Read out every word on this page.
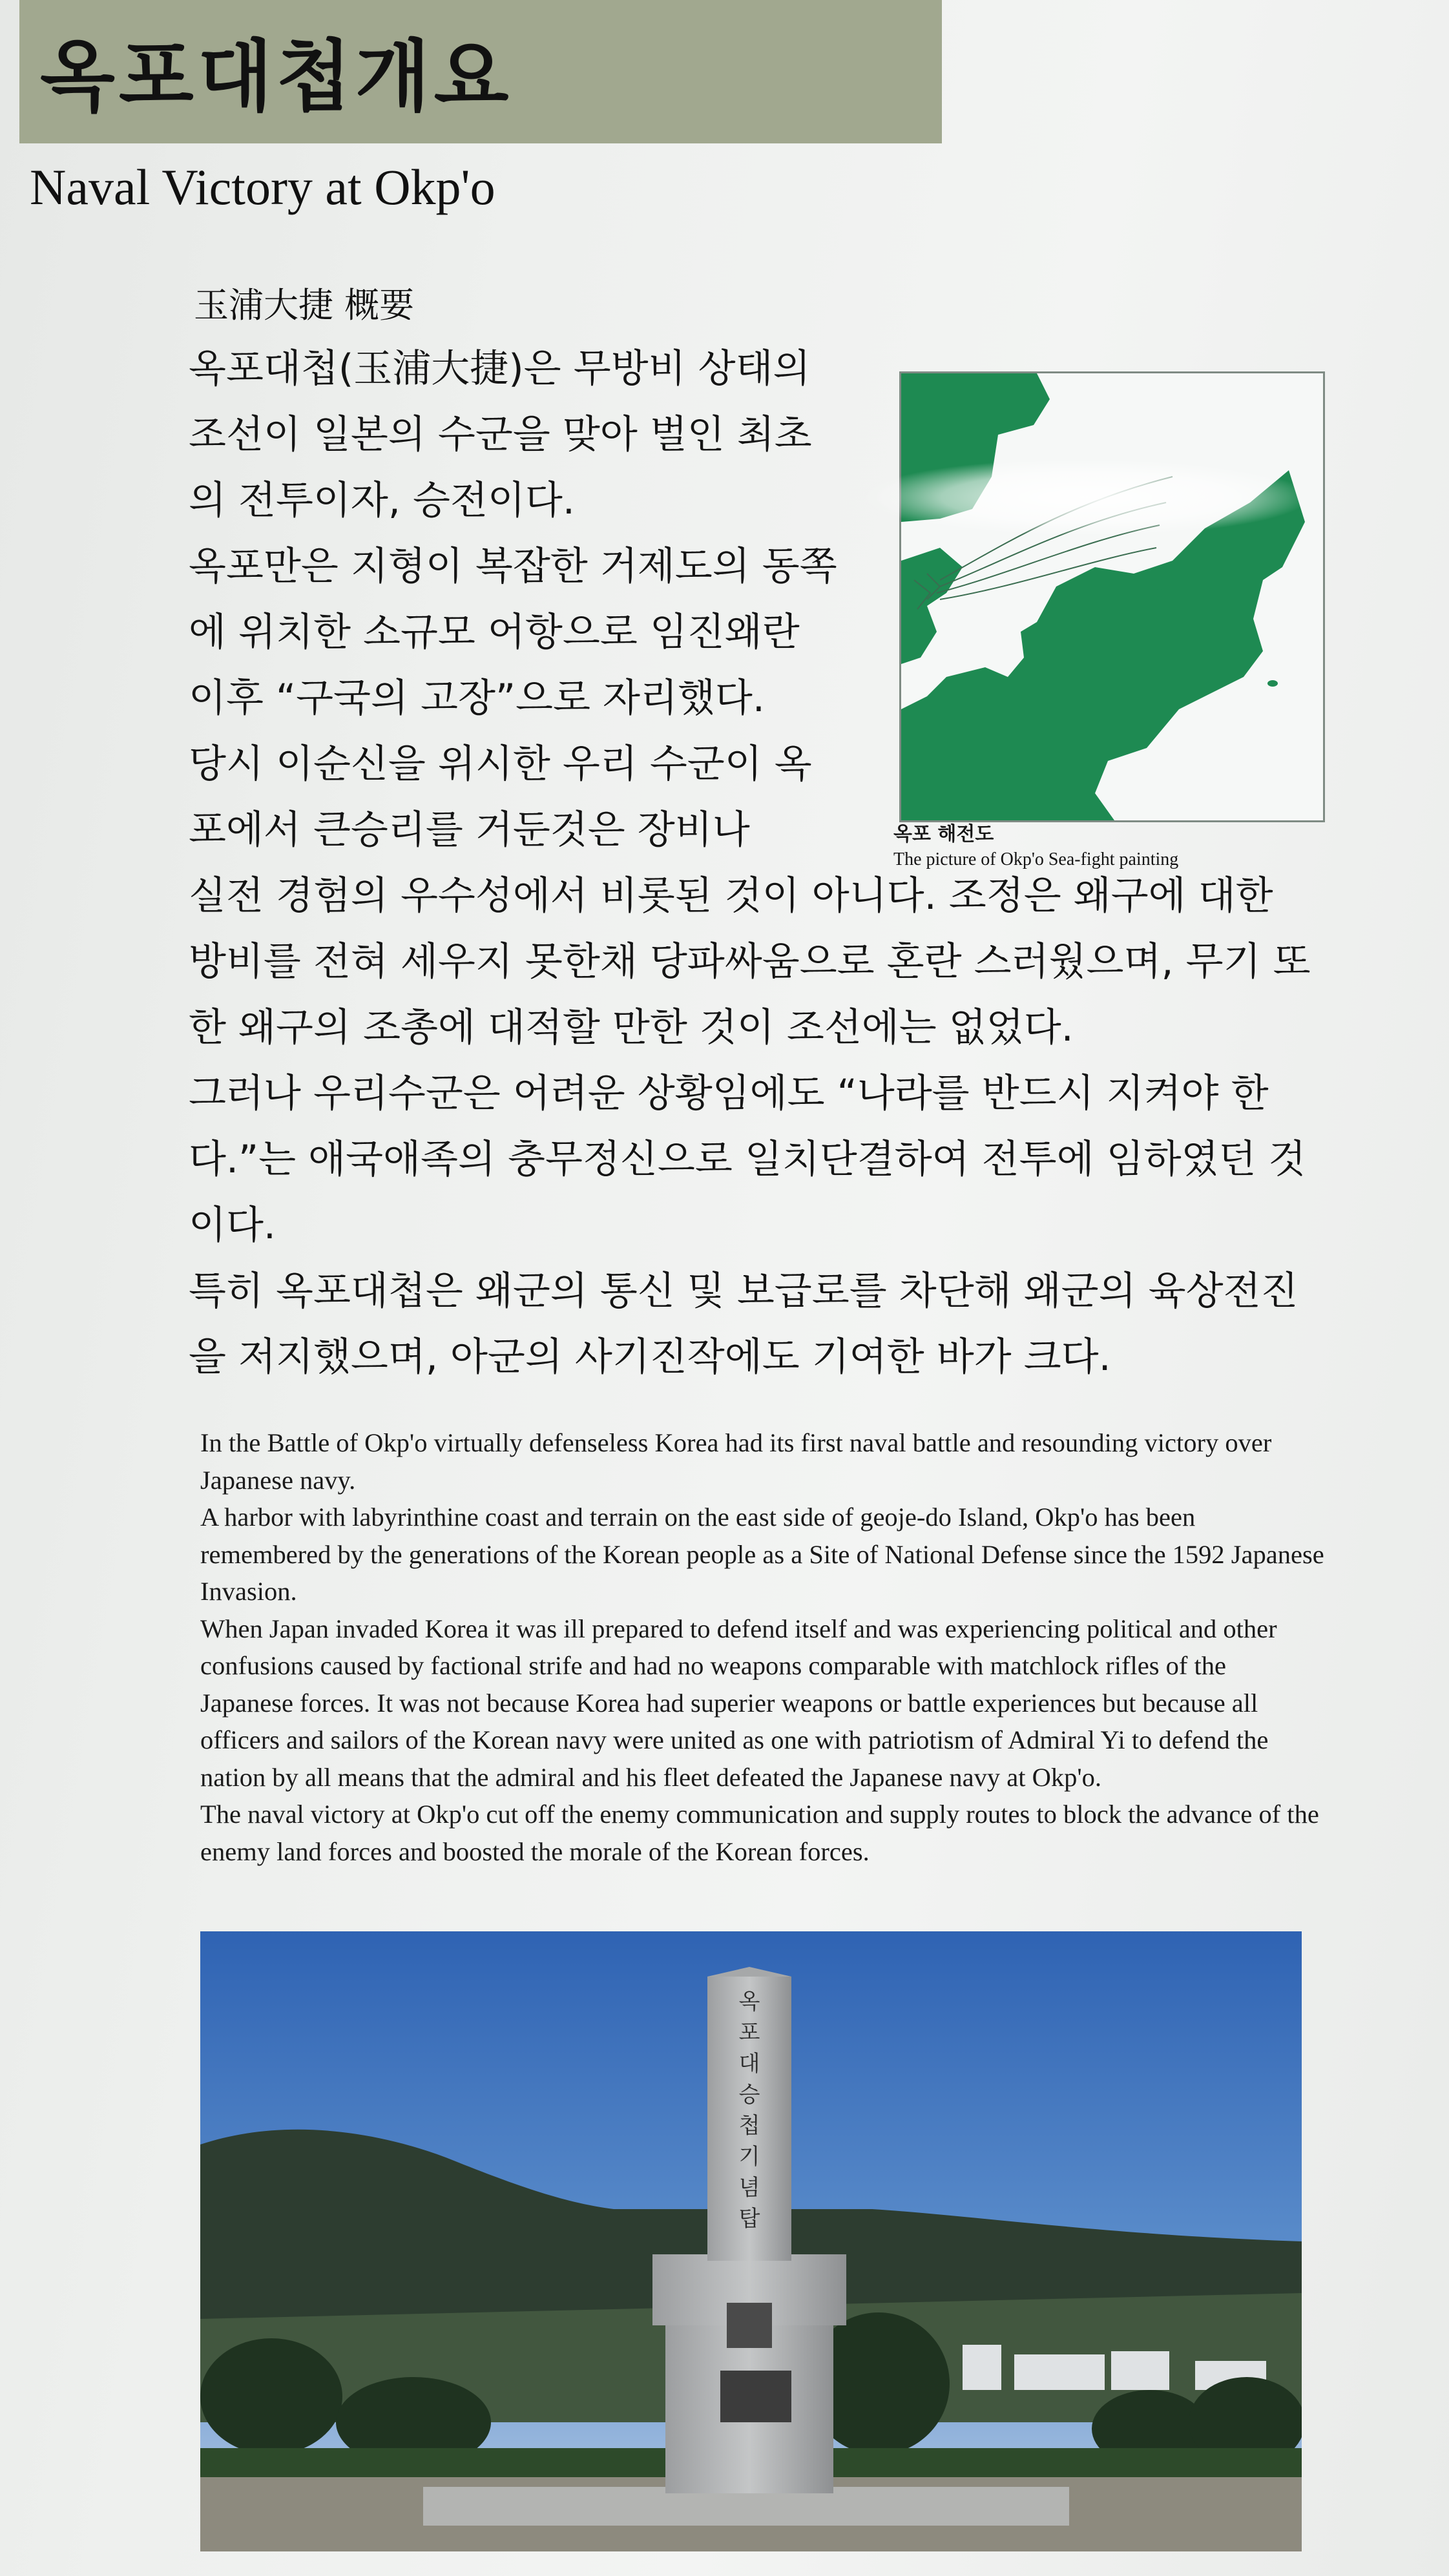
옥포대첩개요
Naval Victory at Okp'o
玉浦大捷 概要

옥포대첩(玉浦大捷)은 무방비 상태의 조선이 일본의 수군을 맞아 벌인 최초의 전투이자, 승전이다.

옥포만은 지형이 복잡한 거제도의 동쪽에 위치한 소규모 어항으로 임진왜란 이후 “구국의 고장”으로 자리했다.

당시 이순신을 위시한 우리 수군이 옥포에서 큰승리를 거둔것은 장비나

실전 경험의 우수성에서 비롯된 것이 아니다. 조정은 왜구에 대한 방비를 전혀 세우지 못한채 당파싸움으로 혼란 스러웠으며, 무기 또한 왜구의 조총에 대적할 만한 것이 조선에는 없었다.

그러나 우리수군은 어려운 상황임에도 “나라를 반드시 지켜야 한다.”는 애국애족의 충무정신으로 일치단결하여 전투에 임하였던 것이다.

특히 옥포대첩은 왜군의 통신 및 보급로를 차단해 왜군의 육상전진을 저지했으며, 아군의 사기진작에도 기여한 바가 크다.

옥포 해전도
The picture of Okp'o Sea-fight painting

In the Battle of Okp'o virtually defenseless Korea had its first naval battle and resounding victory over Japanese navy.

A harbor with labyrinthine coast and terrain on the east side of geoje-do Island, Okp'o has been remembered by the generations of the Korean people as a Site of National Defense since the 1592 Japanese Invasion.

When Japan invaded Korea it was ill prepared to defend itself and was experiencing political and other confusions caused by factional strife and had no weapons comparable with matchlock rifles of the Japanese forces. It was not because Korea had superier weapons or battle experiences but because all officers and sailors of the Korean navy were united as one with patriotism of Admiral Yi to defend the nation by all means that the admiral and his fleet defeated the Japanese navy at Okp'o.

The naval victory at Okp'o cut off the enemy communication and supply routes to block the advance of the enemy land forces and boosted the morale of the Korean forces.

옥
포
대
승
첩
기
념
탑
